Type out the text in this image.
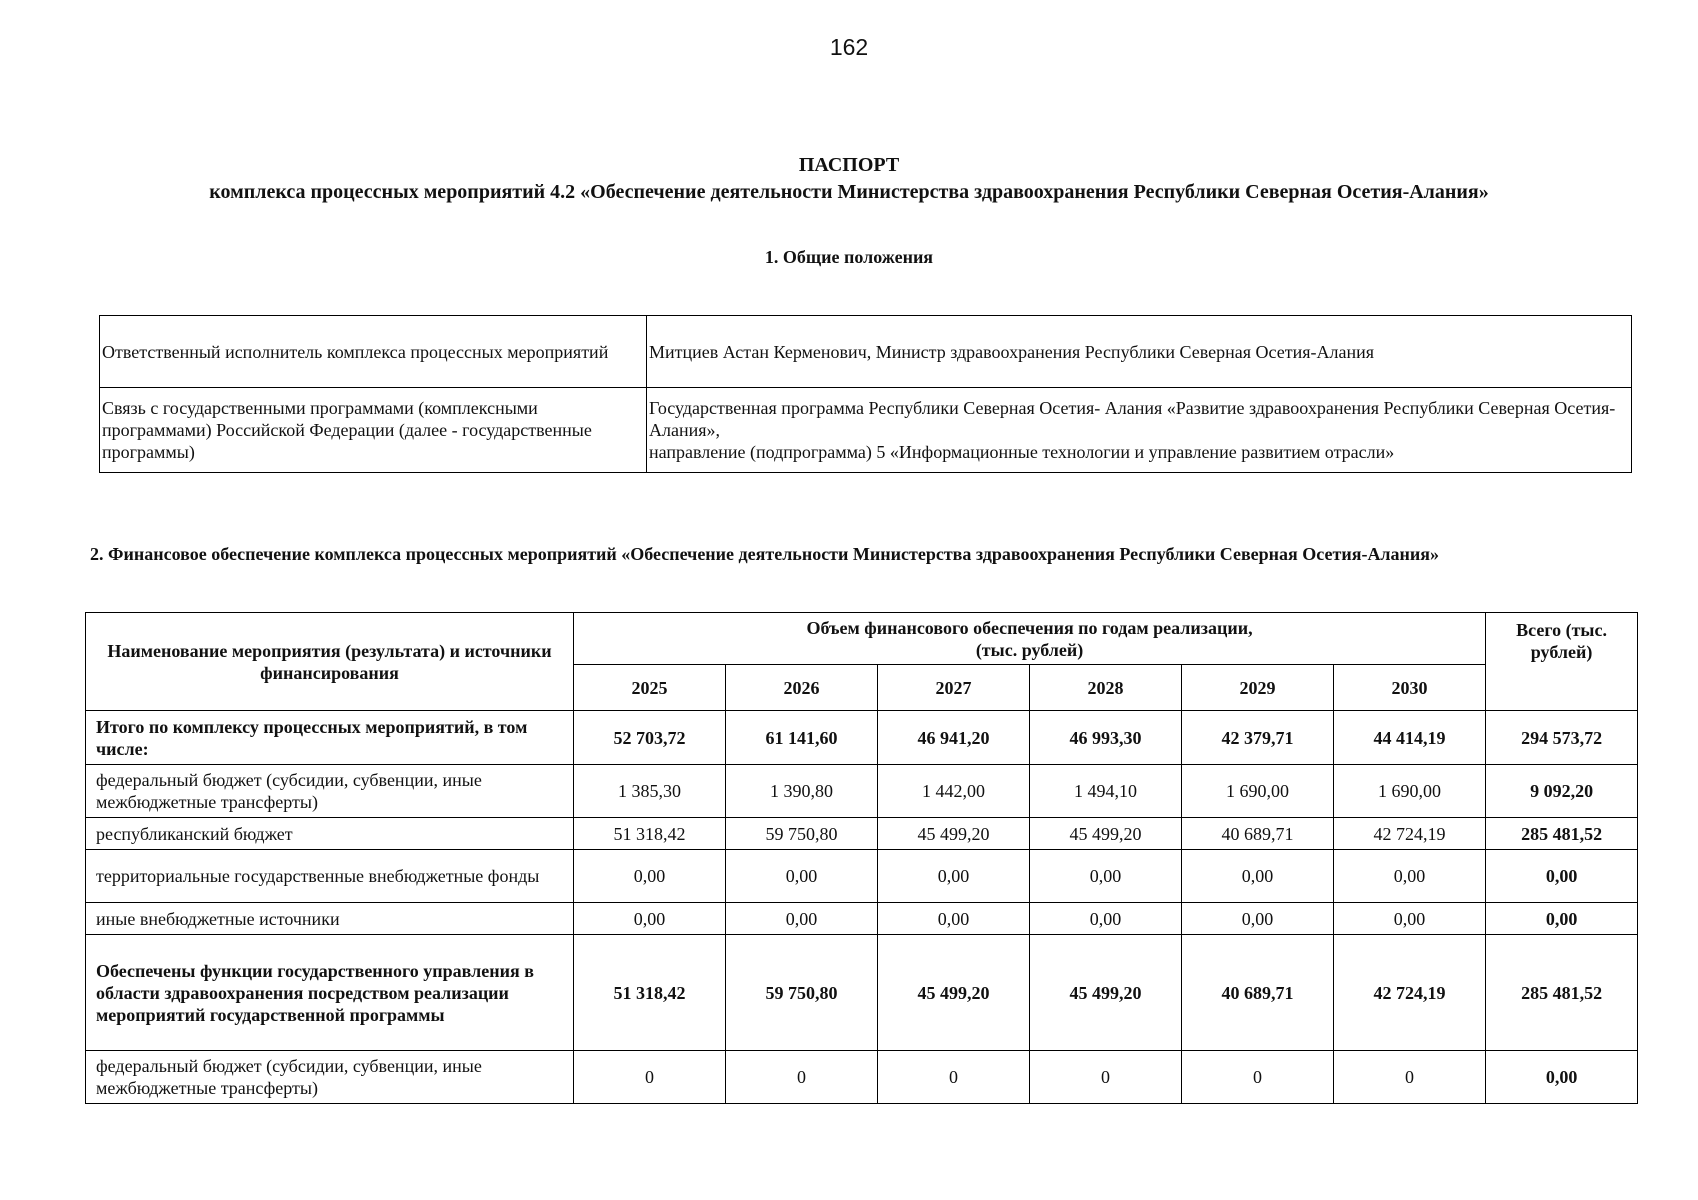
162
ПАСПОРТ
комплекса процессных мероприятий 4.2 «Обеспечение деятельности Министерства здравоохранения Республики Северная Осетия-Алания»
1. Общие положения
Ответственный исполнитель комплекса процессных мероприятий	Митциев Астан Керменович, Министр здравоохранения Республики Северная Осетия-Алания

Связь с государственными программами (комплексными программами) Российской Федерации (далее - государственные программы)	Государственная программа Республики Северная Осетия- Алания «Развитие здравоохранения Республики Северная Осетия-Алания»,
направление (подпрограмма) 5 «Информационные технологии и управление развитием отрасли»
2. Финансовое обеспечение комплекса процессных мероприятий «Обеспечение деятельности Министерства здравоохранения Республики Северная Осетия-Алания»
Наименование мероприятия (результата) и источники финансирования	Объем финансового обеспечения по годам реализации,
(тыс. рублей)						Всего (тыс. рублей)
	2025	2026	2027	2028	2029	2030	
Итого по комплексу процессных мероприятий, в том числе:	52 703,72	61 141,60	46 941,20	46 993,30	42 379,71	44 414,19	294 573,72
федеральный бюджет (субсидии, субвенции, иные межбюджетные трансферты)	1 385,30	1 390,80	1 442,00	1 494,10	1 690,00	1 690,00	9 092,20
республиканский бюджет	51 318,42	59 750,80	45 499,20	45 499,20	40 689,71	42 724,19	285 481,52
территориальные государственные внебюджетные фонды	0,00	0,00	0,00	0,00	0,00	0,00	0,00
иные внебюджетные источники	0,00	0,00	0,00	0,00	0,00	0,00	0,00
Обеспечены функции государственного управления в области здравоохранения посредством реализации мероприятий государственной программы	51 318,42	59 750,80	45 499,20	45 499,20	40 689,71	42 724,19	285 481,52
федеральный бюджет (субсидии, субвенции, иные межбюджетные трансферты)	0	0	0	0	0	0	0,00
